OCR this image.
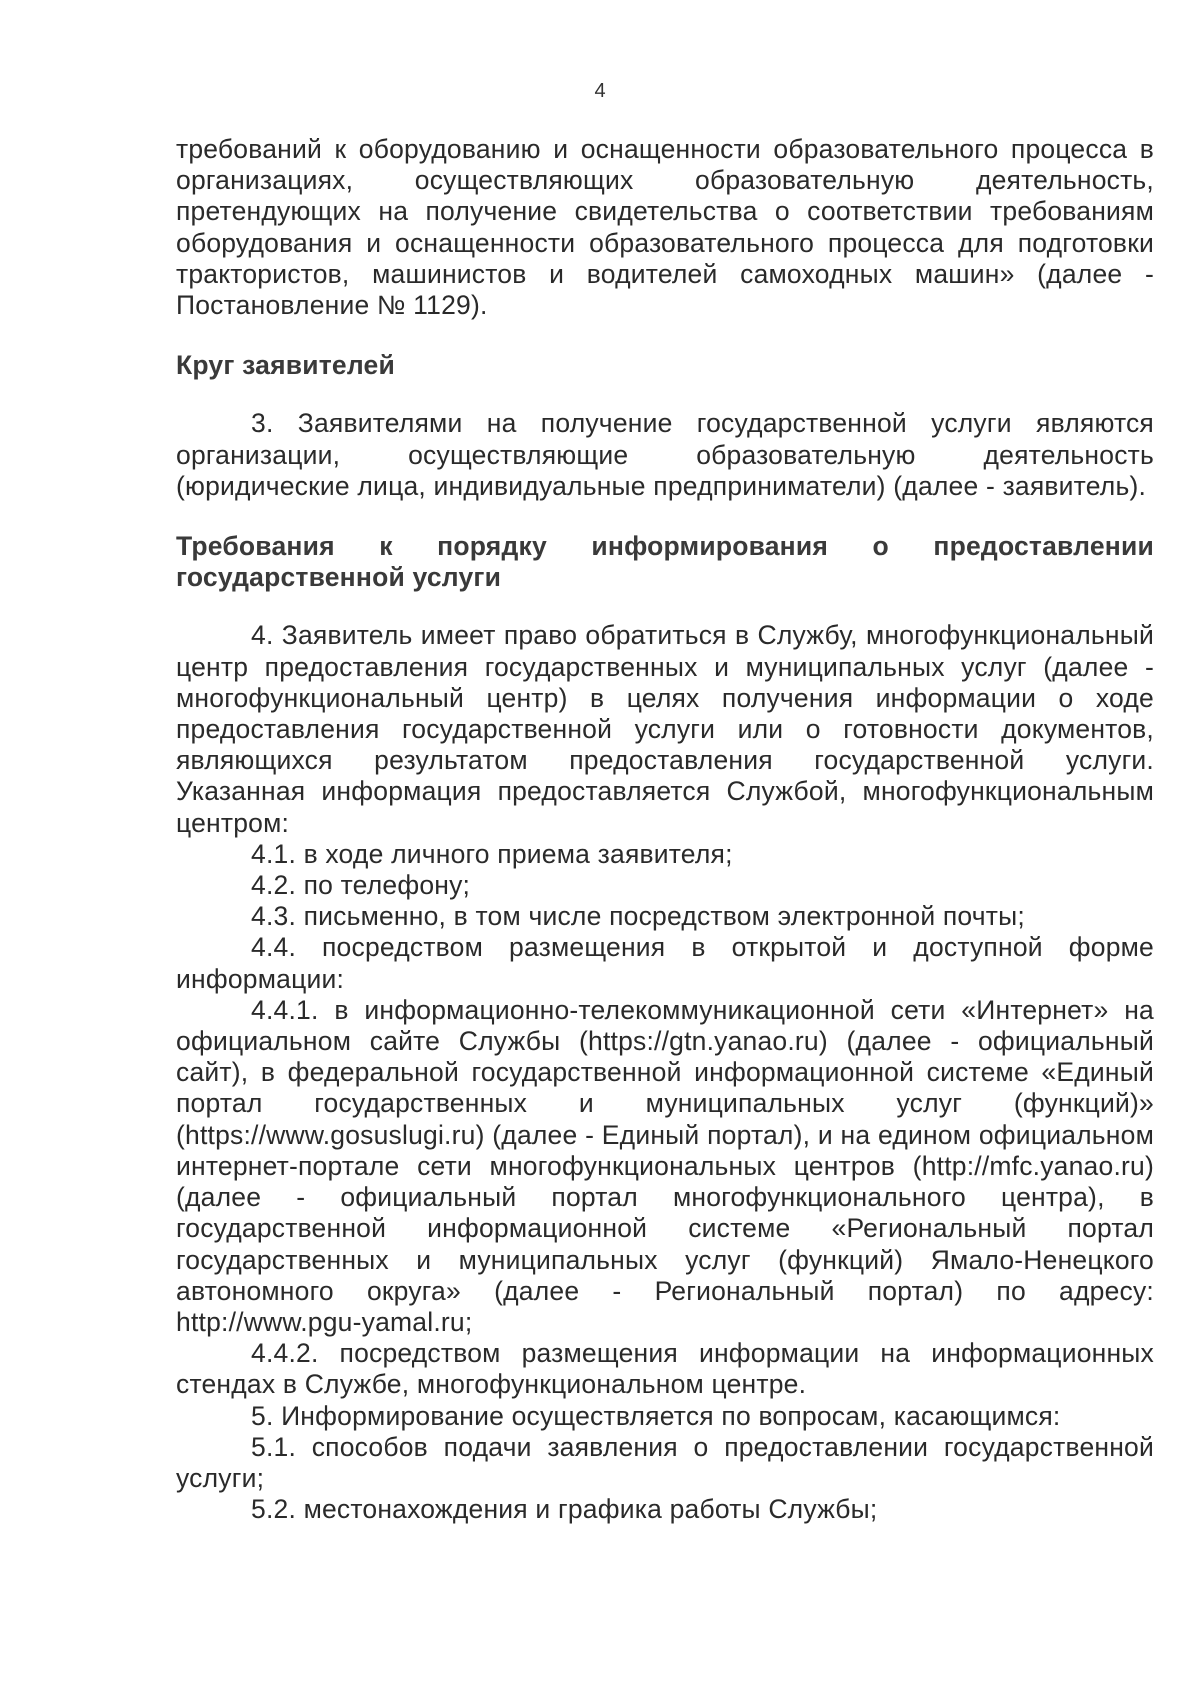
4

требований к оборудованию и оснащенности образовательного процесса в организациях, осуществляющих образовательную деятельность, претендующих на получение свидетельства о соответствии требованиям оборудования и оснащенности образовательного процесса для подготовки трактористов, машинистов и водителей самоходных машин» (далее - Постановление № 1129).

Круг заявителей

3. Заявителями на получение государственной услуги являются организации, осуществляющие образовательную деятельность (юридические лица, индивидуальные предприниматели) (далее - заявитель).

Требования к порядку информирования о предоставлении государственной услуги

4. Заявитель имеет право обратиться в Службу, многофункциональный центр предоставления государственных и муниципальных услуг (далее - многофункциональный центр) в целях получения информации о ходе предоставления государственной услуги или о готовности документов, являющихся результатом предоставления государственной услуги. Указанная информация предоставляется Службой, многофункциональным центром:

4.1. в ходе личного приема заявителя;

4.2. по телефону;

4.3. письменно, в том числе посредством электронной почты;

4.4. посредством размещения в открытой и доступной форме информации:

4.4.1. в информационно-телекоммуникационной сети «Интернет» на официальном сайте Службы (https://gtn.yanao.ru) (далее - официальный сайт), в федеральной государственной информационной системе «Единый портал государственных и муниципальных услуг (функций)» (https://www.gosuslugi.ru) (далее - Единый портал), и на едином официальном интернет-портале сети многофункциональных центров (http://mfc.yanao.ru) (далее - официальный портал многофункционального центра), в государственной информационной системе «Региональный портал государственных и муниципальных услуг (функций) Ямало-Ненецкого автономного округа» (далее - Региональный портал) по адресу: http://www.pgu-yamal.ru;

4.4.2. посредством размещения информации на информационных стендах в Службе, многофункциональном центре.

5. Информирование осуществляется по вопросам, касающимся:

5.1. способов подачи заявления о предоставлении государственной услуги;

5.2. местонахождения и графика работы Службы;
